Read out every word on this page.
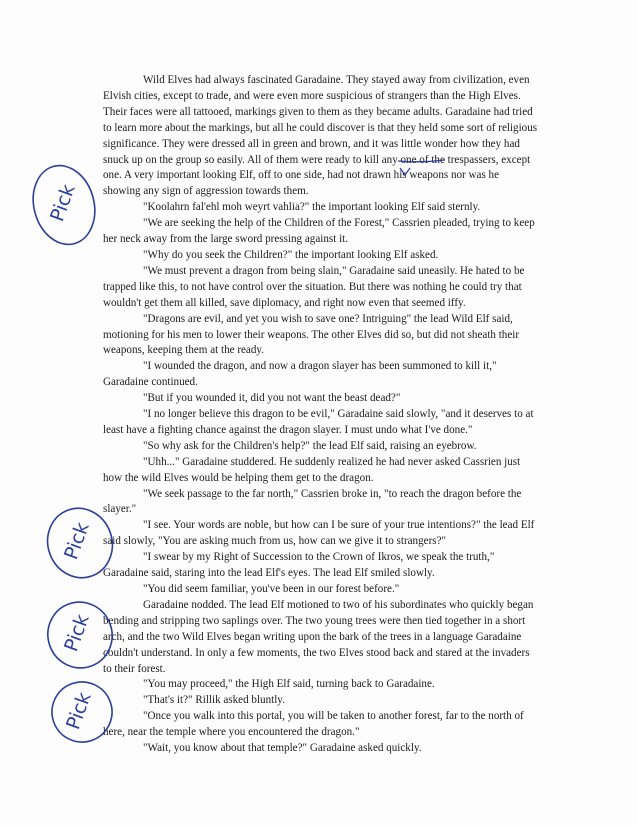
Wild Elves had always fascinated Garadaine. They stayed away from civilization, even Elvish cities, except to trade, and were even more suspicious of strangers than the High Elves. Their faces were all tattooed, markings given to them as they became adults. Garadaine had tried to learn more about the markings, but all he could discover is that they held some sort of religious significance. They were dressed all in green and brown, and it was little wonder how they had snuck up on the group so easily. All of them were ready to kill any one of the trespassers, except one. A very important looking Elf, off to one side, had not drawn his weapons nor was he showing any sign of aggression towards them.

"Koolahrn fal'ehl moh weyrt vahlia?" the important looking Elf said sternly.

"We are seeking the help of the Children of the Forest," Cassrien pleaded, trying to keep her neck away from the large sword pressing against it.

"Why do you seek the Children?" the important looking Elf asked.

"We must prevent a dragon from being slain," Garadaine said uneasily. He hated to be trapped like this, to not have control over the situation. But there was nothing he could try that wouldn't get them all killed, save diplomacy, and right now even that seemed iffy.

"Dragons are evil, and yet you wish to save one? Intriguing" the lead Wild Elf said, motioning for his men to lower their weapons. The other Elves did so, but did not sheath their weapons, keeping them at the ready.

"I wounded the dragon, and now a dragon slayer has been summoned to kill it," Garadaine continued.

"But if you wounded it, did you not want the beast dead?"

"I no longer believe this dragon to be evil," Garadaine said slowly, "and it deserves to at least have a fighting chance against the dragon slayer. I must undo what I've done."

"So why ask for the Children's help?" the lead Elf said, raising an eyebrow.

"Uhh..." Garadaine studdered. He suddenly realized he had never asked Cassrien just how the wild Elves would be helping them get to the dragon.

"We seek passage to the far north," Cassrien broke in, "to reach the dragon before the slayer."

"I see. Your words are noble, but how can I be sure of your true intentions?" the lead Elf said slowly, "You are asking much from us, how can we give it to strangers?"

"I swear by my Right of Succession to the Crown of Ikros, we speak the truth," Garadaine said, staring into the lead Elf's eyes. The lead Elf smiled slowly.

"You did seem familiar, you've been in our forest before."

Garadaine nodded. The lead Elf motioned to two of his subordinates who quickly began bending and stripping two saplings over. The two young trees were then tied together in a short arch, and the two Wild Elves began writing upon the bark of the trees in a language Garadaine couldn't understand. In only a few moments, the two Elves stood back and stared at the invaders to their forest.

"You may proceed," the High Elf said, turning back to Garadaine.

"That's it?" Rillik asked bluntly.

"Once you walk into this portal, you will be taken to another forest, far to the north of here, near the temple where you encountered the dragon."

"Wait, you know about that temple?" Garadaine asked quickly.

Pick
Pick
Pick
Pick
